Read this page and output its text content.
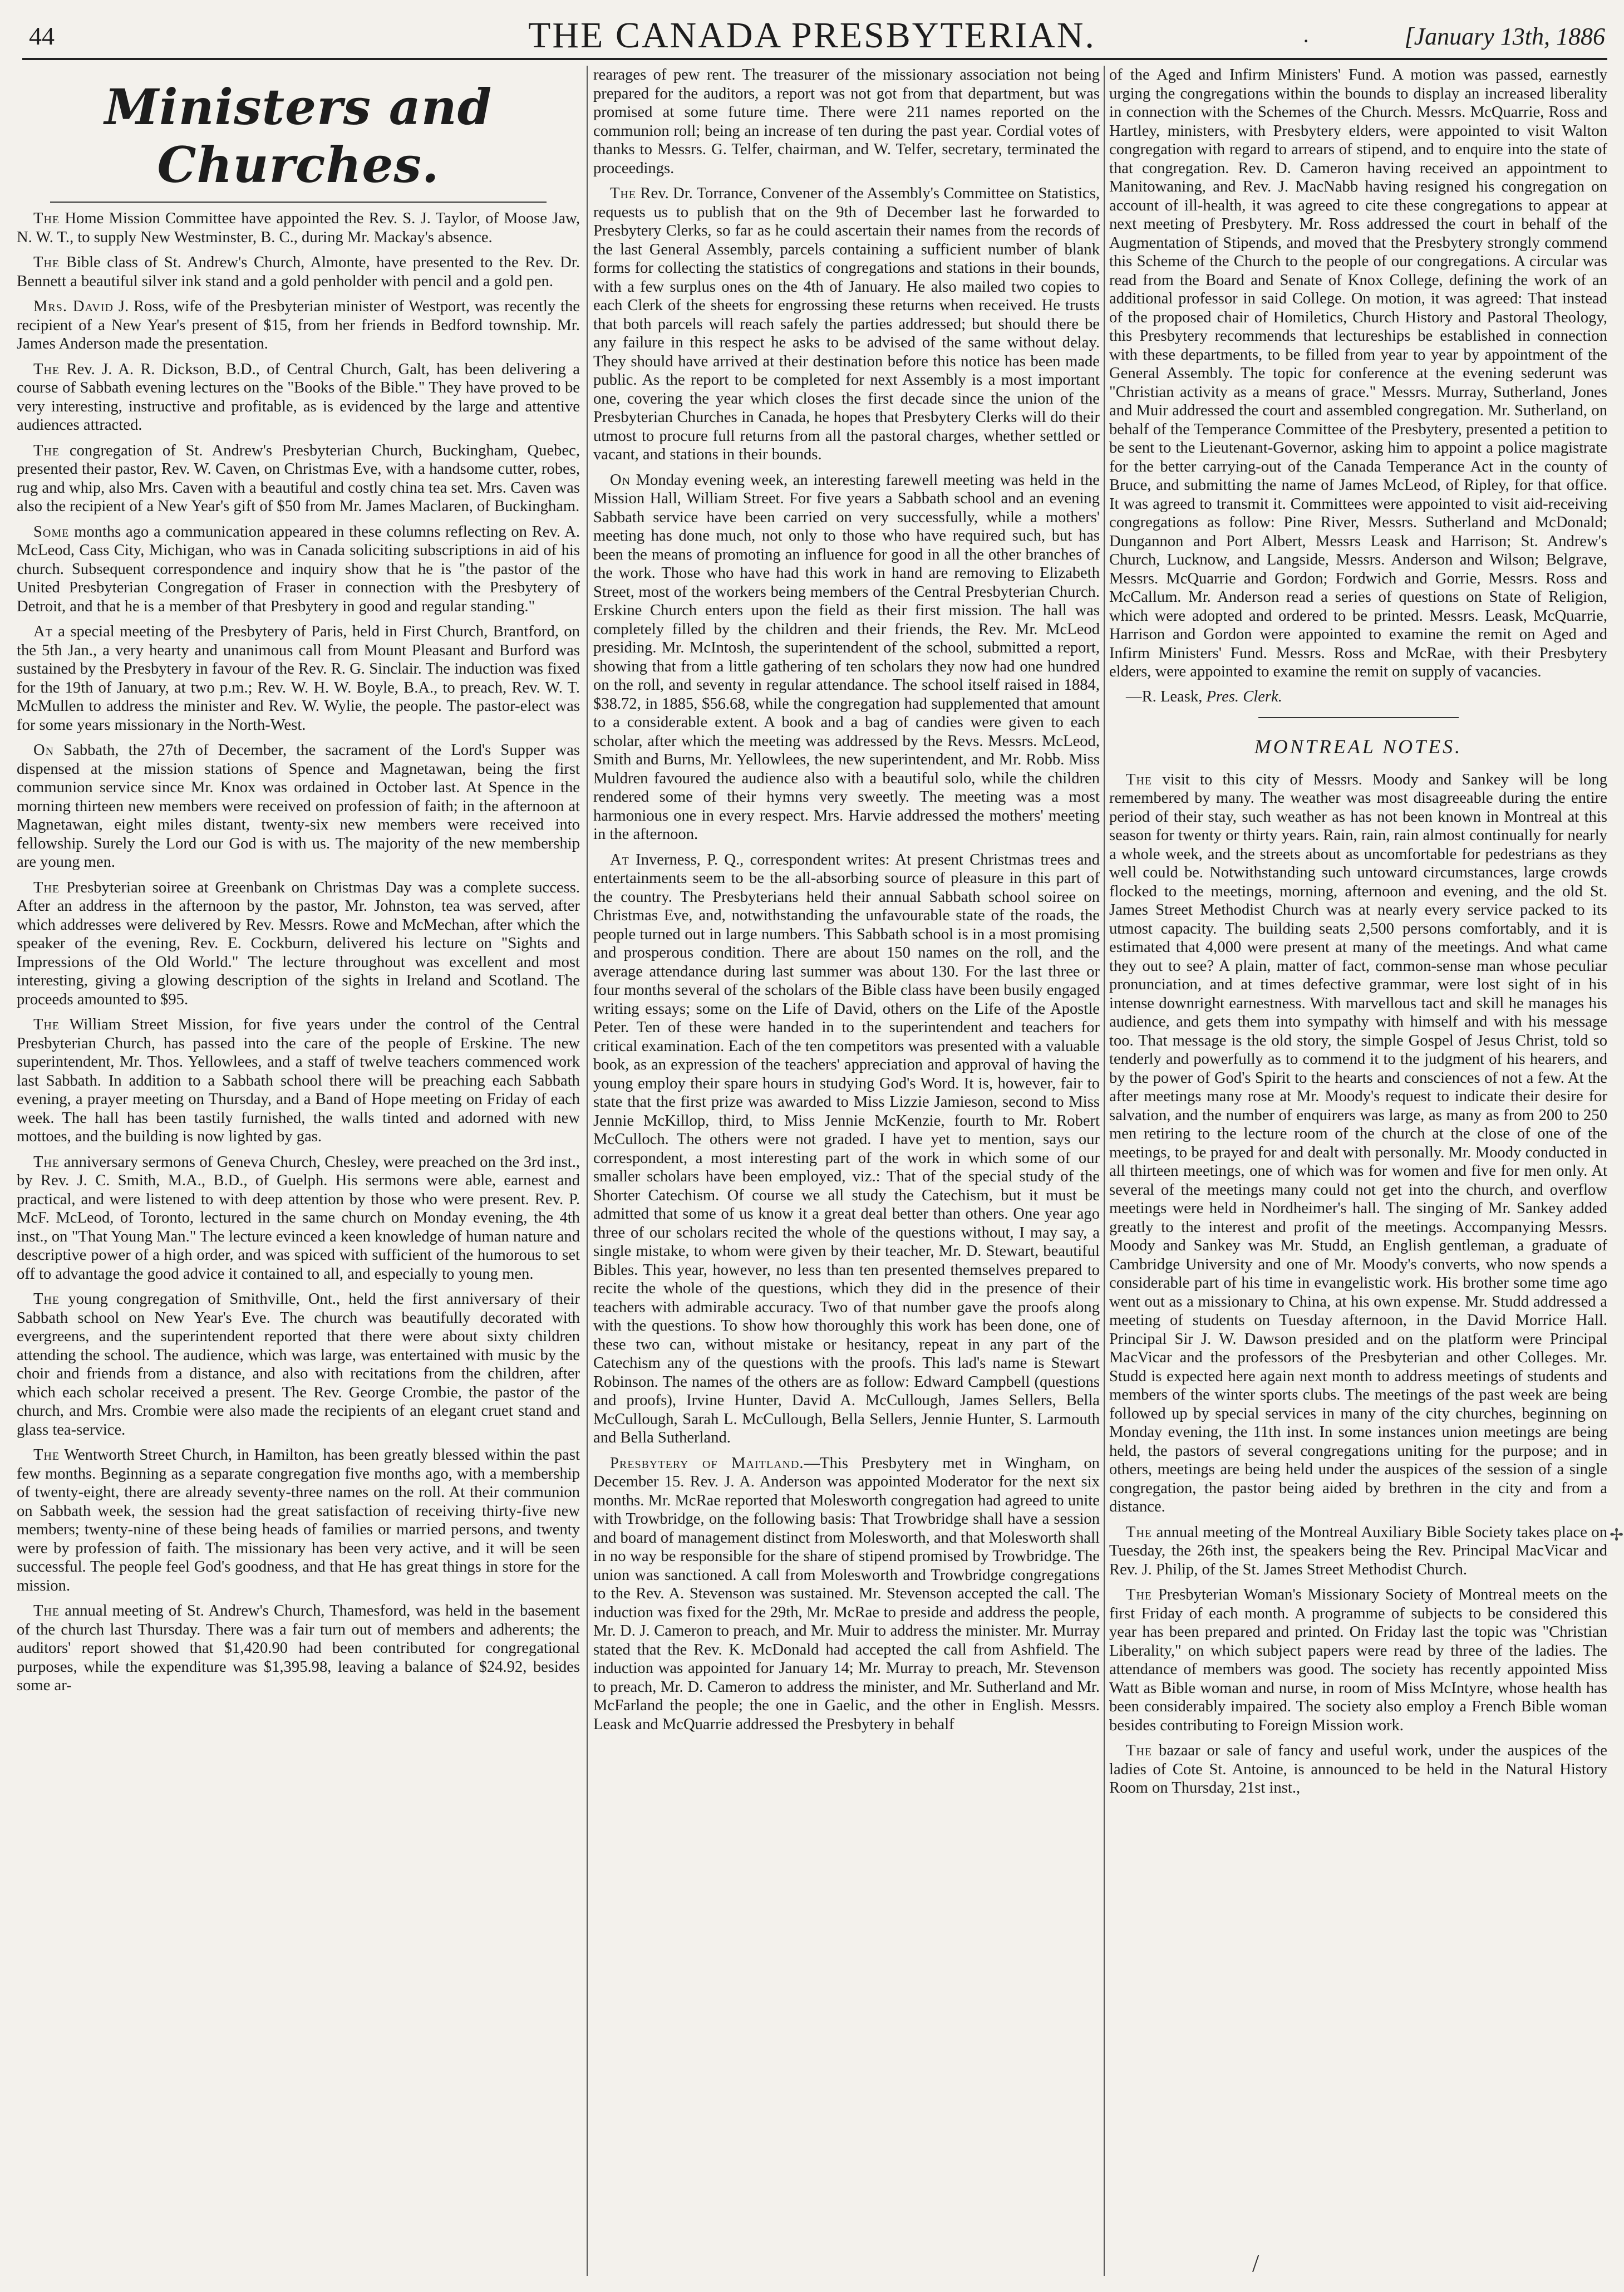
44	THE CANADA PRESBYTERIAN.	·	[January 13th, 1886
Ministers and Churches.

The Home Mission Committee have appointed the Rev. S. J. Taylor, of Moose Jaw, N. W. T., to supply New Westminster, B. C., during Mr. Mackay's absence.

The Bible class of St. Andrew's Church, Almonte, have presented to the Rev. Dr. Bennett a beautiful silver ink stand and a gold penholder with pencil and a gold pen.

Mrs. David J. Ross, wife of the Presbyterian minister of Westport, was recently the recipient of a New Year's present of $15, from her friends in Bedford township. Mr. James Anderson made the presentation.

The Rev. J. A. R. Dickson, B.D., of Central Church, Galt, has been delivering a course of Sabbath evening lectures on the "Books of the Bible." They have proved to be very interesting, instructive and profitable, as is evidenced by the large and attentive audiences attracted.

The congregation of St. Andrew's Presbyterian Church, Buckingham, Quebec, presented their pastor, Rev. W. Caven, on Christmas Eve, with a handsome cutter, robes, rug and whip, also Mrs. Caven with a beautiful and costly china tea set. Mrs. Caven was also the recipient of a New Year's gift of $50 from Mr. James Maclaren, of Buckingham.

Some months ago a communication appeared in these columns reflecting on Rev. A. McLeod, Cass City, Michigan, who was in Canada soliciting subscriptions in aid of his church. Subsequent correspondence and inquiry show that he is "the pastor of the United Presbyterian Congregation of Fraser in connection with the Presbytery of Detroit, and that he is a member of that Presbytery in good and regular standing."

At a special meeting of the Presbytery of Paris, held in First Church, Brantford, on the 5th Jan., a very hearty and unanimous call from Mount Pleasant and Burford was sustained by the Presbytery in favour of the Rev. R. G. Sinclair. The induction was fixed for the 19th of January, at two p.m.; Rev. W. H. W. Boyle, B.A., to preach, Rev. W. T. McMullen to address the minister and Rev. W. Wylie, the people. The pastor-elect was for some years missionary in the North-West.

On Sabbath, the 27th of December, the sacrament of the Lord's Supper was dispensed at the mission stations of Spence and Magnetawan, being the first communion service since Mr. Knox was ordained in October last. At Spence in the morning thirteen new members were received on profession of faith; in the afternoon at Magnetawan, eight miles distant, twenty-six new members were received into fellowship. Surely the Lord our God is with us. The majority of the new membership are young men.

The Presbyterian soiree at Greenbank on Christmas Day was a complete success. After an address in the afternoon by the pastor, Mr. Johnston, tea was served, after which addresses were delivered by Rev. Messrs. Rowe and McMechan, after which the speaker of the evening, Rev. E. Cockburn, delivered his lecture on "Sights and Impressions of the Old World." The lecture throughout was excellent and most interesting, giving a glowing description of the sights in Ireland and Scotland. The proceeds amounted to $95.

The William Street Mission, for five years under the control of the Central Presbyterian Church, has passed into the care of the people of Erskine. The new superintendent, Mr. Thos. Yellowlees, and a staff of twelve teachers commenced work last Sabbath. In addition to a Sabbath school there will be preaching each Sabbath evening, a prayer meeting on Thursday, and a Band of Hope meeting on Friday of each week. The hall has been tastily furnished, the walls tinted and adorned with new mottoes, and the building is now lighted by gas.

The anniversary sermons of Geneva Church, Chesley, were preached on the 3rd inst., by Rev. J. C. Smith, M.A., B.D., of Guelph. His sermons were able, earnest and practical, and were listened to with deep attention by those who were present. Rev. P. McF. McLeod, of Toronto, lectured in the same church on Monday evening, the 4th inst., on "That Young Man." The lecture evinced a keen knowledge of human nature and descriptive power of a high order, and was spiced with sufficient of the humorous to set off to advantage the good advice it contained to all, and especially to young men.

The young congregation of Smithville, Ont., held the first anniversary of their Sabbath school on New Year's Eve. The church was beautifully decorated with evergreens, and the superintendent reported that there were about sixty children attending the school. The audience, which was large, was entertained with music by the choir and friends from a distance, and also with recitations from the children, after which each scholar received a present. The Rev. George Crombie, the pastor of the church, and Mrs. Crombie were also made the recipients of an elegant cruet stand and glass tea-service.

The Wentworth Street Church, in Hamilton, has been greatly blessed within the past few months. Beginning as a separate congregation five months ago, with a membership of twenty-eight, there are already seventy-three names on the roll. At their communion on Sabbath week, the session had the great satisfaction of receiving thirty-five new members; twenty-nine of these being heads of families or married persons, and twenty were by profession of faith. The missionary has been very active, and it will be seen successful. The people feel God's goodness, and that He has great things in store for the mission.

The annual meeting of St. Andrew's Church, Thamesford, was held in the basement of the church last Thursday. There was a fair turn out of members and adherents; the auditors' report showed that $1,420.90 had been contributed for congregational purposes, while the expenditure was $1,395.98, leaving a balance of $24.92, besides some ar-

rearages of pew rent. The treasurer of the missionary association not being prepared for the auditors, a report was not got from that department, but was promised at some future time. There were 211 names reported on the communion roll; being an increase of ten during the past year. Cordial votes of thanks to Messrs. G. Telfer, chairman, and W. Telfer, secretary, terminated the proceedings.

The Rev. Dr. Torrance, Convener of the Assembly's Committee on Statistics, requests us to publish that on the 9th of December last he forwarded to Presbytery Clerks, so far as he could ascertain their names from the records of the last General Assembly, parcels containing a sufficient number of blank forms for collecting the statistics of congregations and stations in their bounds, with a few surplus ones on the 4th of January. He also mailed two copies to each Clerk of the sheets for engrossing these returns when received. He trusts that both parcels will reach safely the parties addressed; but should there be any failure in this respect he asks to be advised of the same without delay. They should have arrived at their destination before this notice has been made public. As the report to be completed for next Assembly is a most important one, covering the year which closes the first decade since the union of the Presbyterian Churches in Canada, he hopes that Presbytery Clerks will do their utmost to procure full returns from all the pastoral charges, whether settled or vacant, and stations in their bounds.

On Monday evening week, an interesting farewell meeting was held in the Mission Hall, William Street. For five years a Sabbath school and an evening Sabbath service have been carried on very successfully, while a mothers' meeting has done much, not only to those who have required such, but has been the means of promoting an influence for good in all the other branches of the work. Those who have had this work in hand are removing to Elizabeth Street, most of the workers being members of the Central Presbyterian Church. Erskine Church enters upon the field as their first mission. The hall was completely filled by the children and their friends, the Rev. Mr. McLeod presiding. Mr. McIntosh, the superintendent of the school, submitted a report, showing that from a little gathering of ten scholars they now had one hundred on the roll, and seventy in regular attendance. The school itself raised in 1884, $38.72, in 1885, $56.68, while the congregation had supplemented that amount to a considerable extent. A book and a bag of candies were given to each scholar, after which the meeting was addressed by the Revs. Messrs. McLeod, Smith and Burns, Mr. Yellowlees, the new superintendent, and Mr. Robb. Miss Muldren favoured the audience also with a beautiful solo, while the children rendered some of their hymns very sweetly. The meeting was a most harmonious one in every respect. Mrs. Harvie addressed the mothers' meeting in the afternoon.

At Inverness, P. Q., correspondent writes: At present Christmas trees and entertainments seem to be the all-absorbing source of pleasure in this part of the country. The Presbyterians held their annual Sabbath school soiree on Christmas Eve, and, notwithstanding the unfavourable state of the roads, the people turned out in large numbers. This Sabbath school is in a most promising and prosperous condition. There are about 150 names on the roll, and the average attendance during last summer was about 130. For the last three or four months several of the scholars of the Bible class have been busily engaged writing essays; some on the Life of David, others on the Life of the Apostle Peter. Ten of these were handed in to the superintendent and teachers for critical examination. Each of the ten competitors was presented with a valuable book, as an expression of the teachers' appreciation and approval of having the young employ their spare hours in studying God's Word. It is, however, fair to state that the first prize was awarded to Miss Lizzie Jamieson, second to Miss Jennie McKillop, third, to Miss Jennie McKenzie, fourth to Mr. Robert McCulloch. The others were not graded. I have yet to mention, says our correspondent, a most interesting part of the work in which some of our smaller scholars have been employed, viz.: That of the special study of the Shorter Catechism. Of course we all study the Catechism, but it must be admitted that some of us know it a great deal better than others. One year ago three of our scholars recited the whole of the questions without, I may say, a single mistake, to whom were given by their teacher, Mr. D. Stewart, beautiful Bibles. This year, however, no less than ten presented themselves prepared to recite the whole of the questions, which they did in the presence of their teachers with admirable accuracy. Two of that number gave the proofs along with the questions. To show how thoroughly this work has been done, one of these two can, without mistake or hesitancy, repeat in any part of the Catechism any of the questions with the proofs. This lad's name is Stewart Robinson. The names of the others are as follow: Edward Campbell (questions and proofs), Irvine Hunter, David A. McCullough, James Sellers, Bella McCullough, Sarah L. McCullough, Bella Sellers, Jennie Hunter, S. Larmouth and Bella Sutherland.

Presbytery of Maitland.—This Presbytery met in Wingham, on December 15. Rev. J. A. Anderson was appointed Moderator for the next six months. Mr. McRae reported that Molesworth congregation had agreed to unite with Trowbridge, on the following basis: That Trowbridge shall have a session and board of management distinct from Molesworth, and that Molesworth shall in no way be responsible for the share of stipend promised by Trowbridge. The union was sanctioned. A call from Molesworth and Trowbridge congregations to the Rev. A. Stevenson was sustained. Mr. Stevenson accepted the call. The induction was fixed for the 29th, Mr. McRae to preside and address the people, Mr. D. J. Cameron to preach, and Mr. Muir to address the minister. Mr. Murray stated that the Rev. K. McDonald had accepted the call from Ashfield. The induction was appointed for January 14; Mr. Murray to preach, Mr. Stevenson to preach, Mr. D. Cameron to address the minister, and Mr. Sutherland and Mr. McFarland the people; the one in Gaelic, and the other in English. Messrs. Leask and McQuarrie addressed the Presbytery in behalf

of the Aged and Infirm Ministers' Fund. A motion was passed, earnestly urging the congregations within the bounds to display an increased liberality in connection with the Schemes of the Church. Messrs. McQuarrie, Ross and Hartley, ministers, with Presbytery elders, were appointed to visit Walton congregation with regard to arrears of stipend, and to enquire into the state of that congregation. Rev. D. Cameron having received an appointment to Manitowaning, and Rev. J. MacNabb having resigned his congregation on account of ill-health, it was agreed to cite these congregations to appear at next meeting of Presbytery. Mr. Ross addressed the court in behalf of the Augmentation of Stipends, and moved that the Presbytery strongly commend this Scheme of the Church to the people of our congregations. A circular was read from the Board and Senate of Knox College, defining the work of an additional professor in said College. On motion, it was agreed: That instead of the proposed chair of Homiletics, Church History and Pastoral Theology, this Presbytery recommends that lectureships be established in connection with these departments, to be filled from year to year by appointment of the General Assembly. The topic for conference at the evening sederunt was "Christian activity as a means of grace." Messrs. Murray, Sutherland, Jones and Muir addressed the court and assembled congregation. Mr. Sutherland, on behalf of the Temperance Committee of the Presbytery, presented a petition to be sent to the Lieutenant-Governor, asking him to appoint a police magistrate for the better carrying-out of the Canada Temperance Act in the county of Bruce, and submitting the name of James McLeod, of Ripley, for that office. It was agreed to transmit it. Committees were appointed to visit aid-receiving congregations as follow: Pine River, Messrs. Sutherland and McDonald; Dungannon and Port Albert, Messrs Leask and Harrison; St. Andrew's Church, Lucknow, and Langside, Messrs. Anderson and Wilson; Belgrave, Messrs. McQuarrie and Gordon; Fordwich and Gorrie, Messrs. Ross and McCallum. Mr. Anderson read a series of questions on State of Religion, which were adopted and ordered to be printed. Messrs. Leask, McQuarrie, Harrison and Gordon were appointed to examine the remit on Aged and Infirm Ministers' Fund. Messrs. Ross and McRae, with their Presbytery elders, were appointed to examine the remit on supply of vacancies.

—R. Leask, Pres. Clerk.
MONTREAL NOTES.

The visit to this city of Messrs. Moody and Sankey will be long remembered by many. The weather was most disagreeable during the entire period of their stay, such weather as has not been known in Montreal at this season for twenty or thirty years. Rain, rain, rain almost continually for nearly a whole week, and the streets about as uncomfortable for pedestrians as they well could be. Notwithstanding such untoward circumstances, large crowds flocked to the meetings, morning, afternoon and evening, and the old St. James Street Methodist Church was at nearly every service packed to its utmost capacity. The building seats 2,500 persons comfortably, and it is estimated that 4,000 were present at many of the meetings. And what came they out to see? A plain, matter of fact, common-sense man whose peculiar pronunciation, and at times defective grammar, were lost sight of in his intense downright earnestness. With marvellous tact and skill he manages his audience, and gets them into sympathy with himself and with his message too. That message is the old story, the simple Gospel of Jesus Christ, told so tenderly and powerfully as to commend it to the judgment of his hearers, and by the power of God's Spirit to the hearts and consciences of not a few. At the after meetings many rose at Mr. Moody's request to indicate their desire for salvation, and the number of enquirers was large, as many as from 200 to 250 men retiring to the lecture room of the church at the close of one of the meetings, to be prayed for and dealt with personally. Mr. Moody conducted in all thirteen meetings, one of which was for women and five for men only. At several of the meetings many could not get into the church, and overflow meetings were held in Nordheimer's hall. The singing of Mr. Sankey added greatly to the interest and profit of the meetings. Accompanying Messrs. Moody and Sankey was Mr. Studd, an English gentleman, a graduate of Cambridge University and one of Mr. Moody's converts, who now spends a considerable part of his time in evangelistic work. His brother some time ago went out as a missionary to China, at his own expense. Mr. Studd addressed a meeting of students on Tuesday afternoon, in the David Morrice Hall. Principal Sir J. W. Dawson presided and on the platform were Principal MacVicar and the professors of the Presbyterian and other Colleges. Mr. Studd is expected here again next month to address meetings of students and members of the winter sports clubs. The meetings of the past week are being followed up by special services in many of the city churches, beginning on Monday evening, the 11th inst. In some instances union meetings are being held, the pastors of several congregations uniting for the purpose; and in others, meetings are being held under the auspices of the session of a single congregation, the pastor being aided by brethren in the city and from a distance.

The annual meeting of the Montreal Auxiliary Bible Society takes place on Tuesday, the 26th inst, the speakers being the Rev. Principal MacVicar and Rev. J. Philip, of the St. James Street Methodist Church.

The Presbyterian Woman's Missionary Society of Montreal meets on the first Friday of each month. A programme of subjects to be considered this year has been prepared and printed. On Friday last the topic was "Christian Liberality," on which subject papers were read by three of the ladies. The attendance of members was good. The society has recently appointed Miss Watt as Bible woman and nurse, in room of Miss McIntyre, whose health has been considerably impaired. The society also employ a French Bible woman besides contributing to Foreign Mission work.

The bazaar or sale of fancy and useful work, under the auspices of the ladies of Cote St. Antoine, is announced to be held in the Natural History Room on Thursday, 21st inst.,

✢
/
